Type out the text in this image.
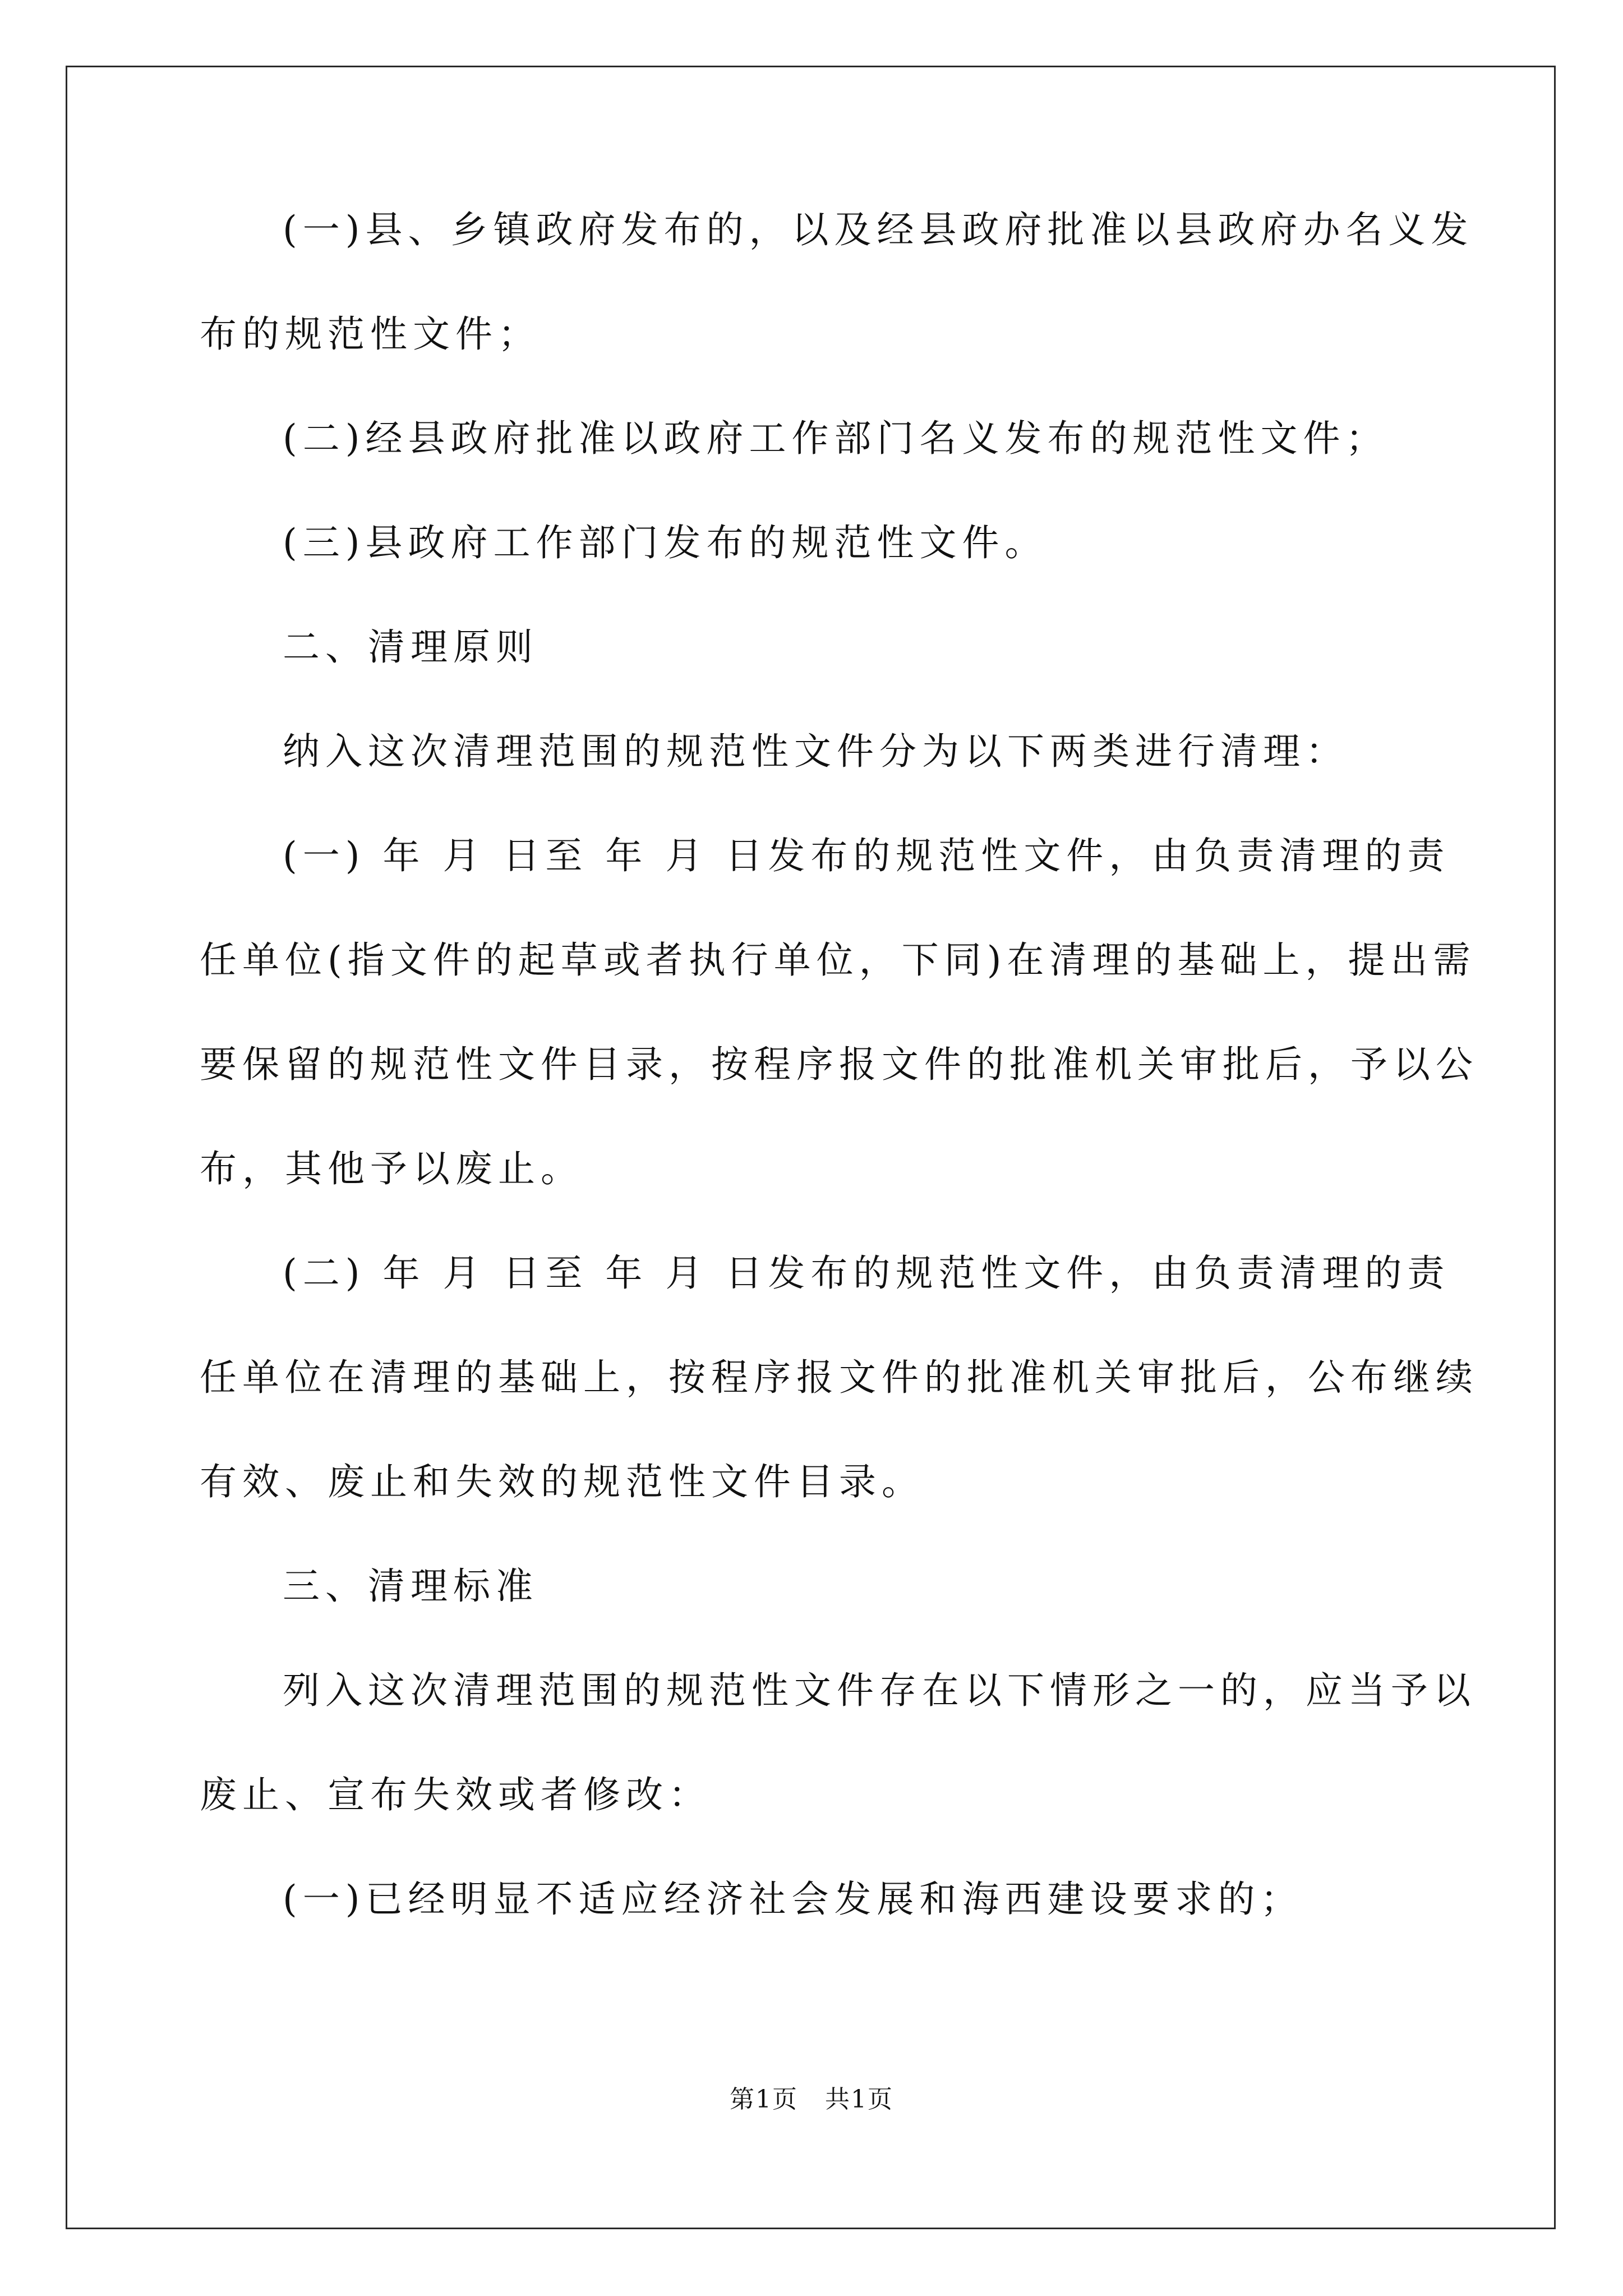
(一)县、乡镇政府发布的，以及经县政府批准以县政府办名义发
布的规范性文件；
(二)经县政府批准以政府工作部门名义发布的规范性文件；
(三)县政府工作部门发布的规范性文件。
二、清理原则
纳入这次清理范围的规范性文件分为以下两类进行清理：
(一) 年 月 日至 年 月 日发布的规范性文件，由负责清理的责
任单位(指文件的起草或者执行单位，下同)在清理的基础上，提出需
要保留的规范性文件目录，按程序报文件的批准机关审批后，予以公
布，其他予以废止。
(二) 年 月 日至 年 月 日发布的规范性文件，由负责清理的责
任单位在清理的基础上，按程序报文件的批准机关审批后，公布继续
有效、废止和失效的规范性文件目录。
三、清理标准
列入这次清理范围的规范性文件存在以下情形之一的，应当予以
废止、宣布失效或者修改：
(一)已经明显不适应经济社会发展和海西建设要求的；
第1页   共1页
